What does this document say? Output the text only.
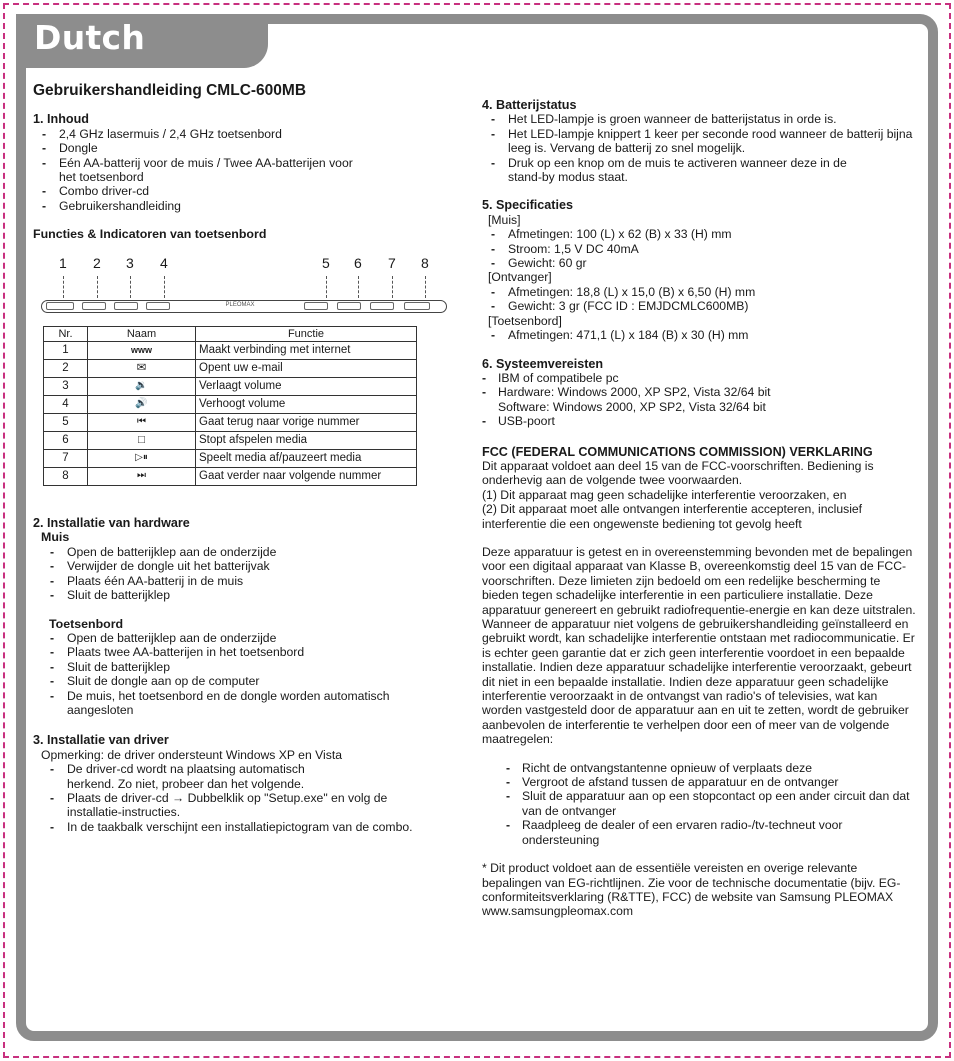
Dutch
Gebruikershandleiding CMLC-600MB
1. Inhoud
- 2,4 GHz lasermuis / 2,4 GHz toetsenbord
- Dongle
- Eén AA-batterij voor de muis / Twee AA-batterijen voor het toetsenbord
- Combo driver-cd
- Gebruikershandleiding
Functies & Indicatoren van toetsenbord
1 2 3 4	5 6 7 8
PLEOMAX
Nr.	Naam	Functie
1	www	Maakt verbinding met internet
2	✉	Opent uw e-mail
3	🔉	Verlaagt volume
4	🔊	Verhoogt volume
5	⏮	Gaat terug naar vorige nummer
6	□	Stopt afspelen media
7	▷⏸	Speelt media af/pauzeert media
8	⏭	Gaat verder naar volgende nummer
2. Installatie van hardware
Muis
- Open de batterijklep aan de onderzijde
- Verwijder de dongle uit het batterijvak
- Plaats één AA-batterij in de muis
- Sluit de batterijklep
Toetsenbord
- Open de batterijklep aan de onderzijde
- Plaats twee AA-batterijen in het toetsenbord
- Sluit de batterijklep
- Sluit de dongle aan op de computer
- De muis, het toetsenbord en de dongle worden automatisch aangesloten
3. Installatie van driver
Opmerking: de driver ondersteunt Windows XP en Vista
- De driver-cd wordt na plaatsing automatisch herkend. Zo niet, probeer dan het volgende.
- Plaats de driver-cd → Dubbelklik op "Setup.exe" en volg de installatie-instructies.
- In de taakbalk verschijnt een installatiepictogram van de combo.
4. Batterijstatus
- Het LED-lampje is groen wanneer de batterijstatus in orde is.
- Het LED-lampje knippert 1 keer per seconde rood wanneer de batterij bijna leeg is. Vervang de batterij zo snel mogelijk.
- Druk op een knop om de muis te activeren wanneer deze in de stand-by modus staat.
5. Specificaties
[Muis]
- Afmetingen: 100 (L) x 62 (B) x 33 (H) mm
- Stroom: 1,5 V DC 40mA
- Gewicht: 60 gr
[Ontvanger]
- Afmetingen: 18,8 (L) x 15,0 (B) x 6,50 (H) mm
- Gewicht: 3 gr (FCC ID : EMJDCMLC600MB)
[Toetsenbord]
- Afmetingen: 471,1 (L) x 184 (B) x 30 (H) mm
6. Systeemvereisten
- IBM of compatibele pc
- Hardware: Windows 2000, XP SP2, Vista 32/64 bit
Software: Windows 2000, XP SP2, Vista 32/64 bit
- USB-poort
FCC (FEDERAL COMMUNICATIONS COMMISSION) VERKLARING
Dit apparaat voldoet aan deel 15 van de FCC-voorschriften. Bediening is onderhevig aan de volgende twee voorwaarden.
(1) Dit apparaat mag geen schadelijke interferentie veroorzaken, en
(2) Dit apparaat moet alle ontvangen interferentie accepteren, inclusief interferentie die een ongewenste bediening tot gevolg heeft
Deze apparatuur is getest en in overeenstemming bevonden met de bepalingen voor een digitaal apparaat van Klasse B, overeenkomstig deel 15 van de FCC-voorschriften. Deze limieten zijn bedoeld om een redelijke bescherming te bieden tegen schadelijke interferentie in een particuliere installatie. Deze apparatuur genereert en gebruikt radiofrequentie-energie en kan deze uitstralen. Wanneer de apparatuur niet volgens de gebruikershandleiding geïnstalleerd en gebruikt wordt, kan schadelijke interferentie ontstaan met radiocommunicatie. Er is echter geen garantie dat er zich geen interferentie voordoet in een bepaalde installatie. Indien deze apparatuur schadelijke interferentie veroorzaakt, gebeurt dit niet in een bepaalde installatie. Indien deze apparatuur geen schadelijke interferentie veroorzaakt in de ontvangst van radio's of televisies, wat kan worden vastgesteld door de apparatuur aan en uit te zetten, wordt de gebruiker aanbevolen de interferentie te verhelpen door een of meer van de volgende maatregelen:
- Richt de ontvangstantenne opnieuw of verplaats deze
- Vergroot de afstand tussen de apparatuur en de ontvanger
- Sluit de apparatuur aan op een stopcontact op een ander circuit dan dat van de ontvanger
- Raadpleeg de dealer of een ervaren radio-/tv-techneut voor ondersteuning
* Dit product voldoet aan de essentiële vereisten en overige relevante bepalingen van EG-richtlijnen. Zie voor de technische documentatie (bijv. EG-conformiteitsverklaring (R&TTE), FCC) de website van Samsung PLEOMAX www.samsungpleomax.com
